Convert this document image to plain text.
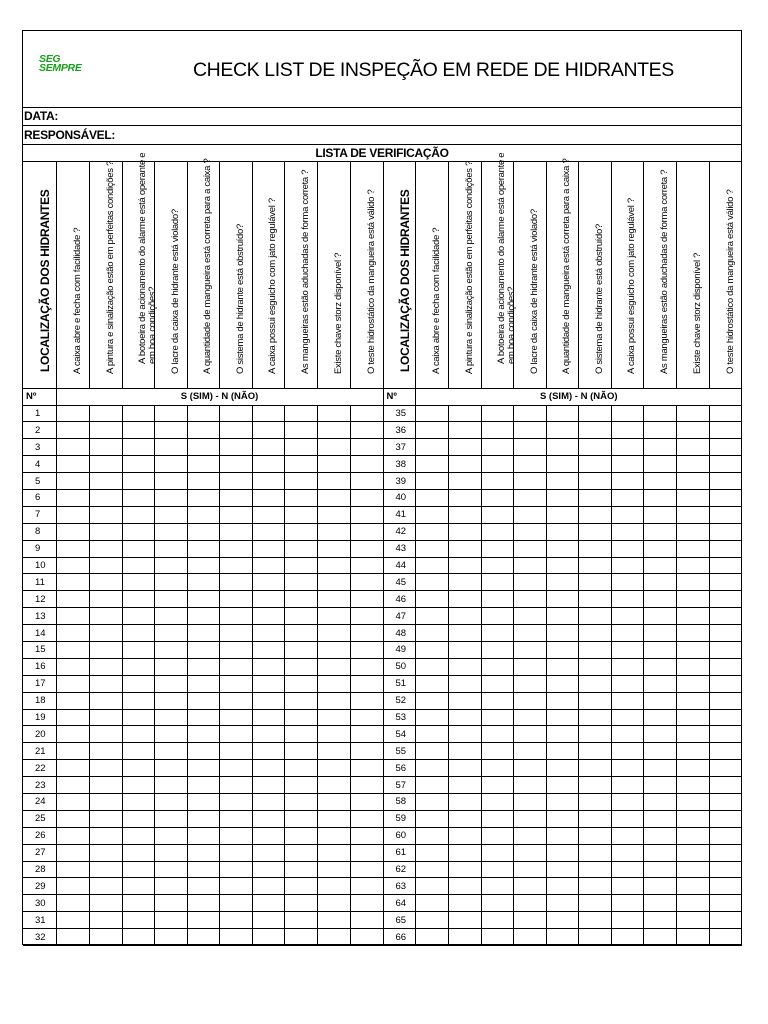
SEG
SEMPRE	CHECK LIST DE INSPEÇÃO EM REDE DE HIDRANTES
DATA:
RESPONSÁVEL:
LISTA DE VERIFICAÇÃO
LOCALIZAÇÃO DOS HIDRANTES	A caixa abre e fecha com facilidade ?	A pintura e sinalização estão em perfeitas condições ?	A botoeira de acionamento do alarme está operante e em boa condições?	O lacre da caixa de hidrante está violado?	A quantidade de mangueira está correta para a caixa ?	O sistema de hidrante está obstruído?	A caixa possui esguicho com jato regulável ?	As mangueiras estão aduchadas de forma correta ?	Existe chave storz disponível ?	O teste hidrostático da mangueira está válido ?	LOCALIZAÇÃO DOS HIDRANTES	A caixa abre e fecha com facilidade ?	A pintura e sinalização estão em perfeitas condições ?	A botoeira de acionamento do alarme está operante e em boa condições?	O lacre da caixa de hidrante está violado?	A quantidade de mangueira está correta para a caixa ?	O sistema de hidrante está obstruído?	A caixa possui esguicho com jato regulável ?	As mangueiras estão aduchadas de forma correta ?	Existe chave storz disponível ?	O teste hidrostático da mangueira está válido ?

Nº	S (SIM) - N (NÃO)										Nº	S (SIM) - N (NÃO)									
1											35										
2											36										
3											37										
4											38										
5											39										
6											40										
7											41										
8											42										
9											43										
10											44										
11											45										
12											46										
13											47										
14											48										
15											49										
16											50										
17											51										
18											52										
19											53										
20											54										
21											55										
22											56										
23											57										
24											58										
25											59										
26											60										
27											61										
28											62										
29											63										
30											64										
31											65										
32											66										
